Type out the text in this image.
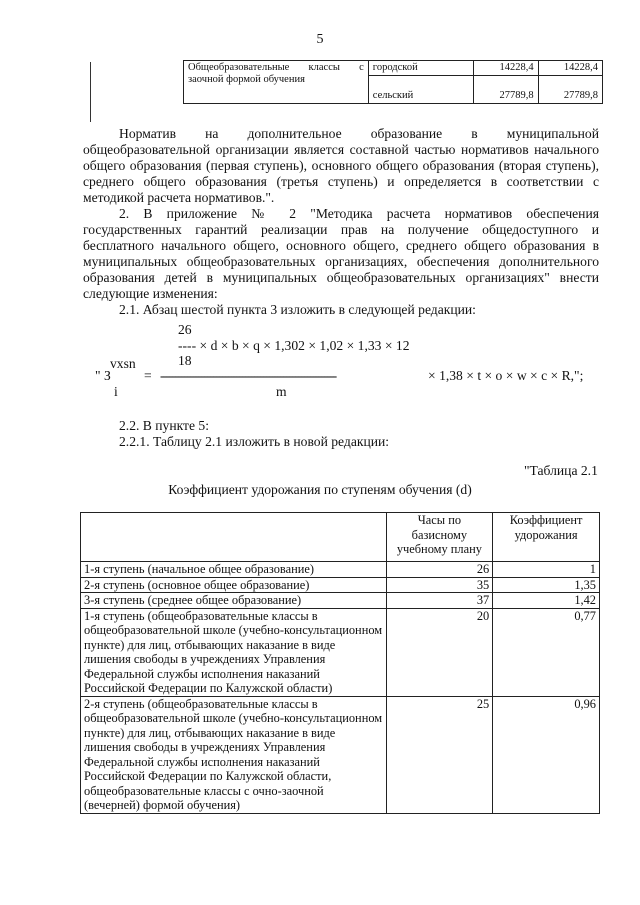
5
Общеобразовательные классы с заочной формой обучения	городской	14228,4	14228,4
	сельский	27789,8	27789,8
Норматив на дополнительное образование в муниципальной общеобразовательной организации является составной частью нормативов начального общего образования (первая ступень), основного общего образования (вторая ступень), среднего общего образования (третья ступень) и определяется в соответствии с методикой расчета нормативов.".
2. В приложение № 2 "Методика расчета нормативов обеспечения государственных гарантий реализации прав на получение общедоступного и бесплатного начального общего, основного общего, среднего общего образования в муниципальных общеобразовательных организациях, обеспечения дополнительного образования детей в муниципальных общеобразовательных организациях" внести следующие изменения:
2.1. Абзац шестой пункта 3 изложить в следующей редакции:
26
---- × d × b × q × 1,302 × 1,02 × 1,33 × 12
vxsn	18
" З = ------------------------------------------------------------	× 1,38 × t × o × w × c × R,";
i	m
2.2. В пункте 5:
2.2.1. Таблицу 2.1 изложить в новой редакции:
"Таблица 2.1
Коэффициент удорожания по ступеням обучения (d)
	Часы по базисному учебному плану	Коэффициент удорожания
1-я ступень (начальное общее образование)	26	1
2-я ступень (основное общее образование)	35	1,35
3-я ступень (среднее общее образование)	37	1,42
1-я ступень (общеобразовательные классы в общеобразовательной школе (учебно-консультационном пункте) для лиц, отбывающих наказание в виде лишения свободы в учреждениях Управления Федеральной службы исполнения наказаний Российской Федерации по Калужской области)	20	0,77
2-я ступень (общеобразовательные классы в общеобразовательной школе (учебно-консультационном пункте) для лиц, отбывающих наказание в виде лишения свободы в учреждениях Управления Федеральной службы исполнения наказаний Российской Федерации по Калужской области, общеобразовательные классы с очно-заочной (вечерней) формой обучения)	25	0,96
